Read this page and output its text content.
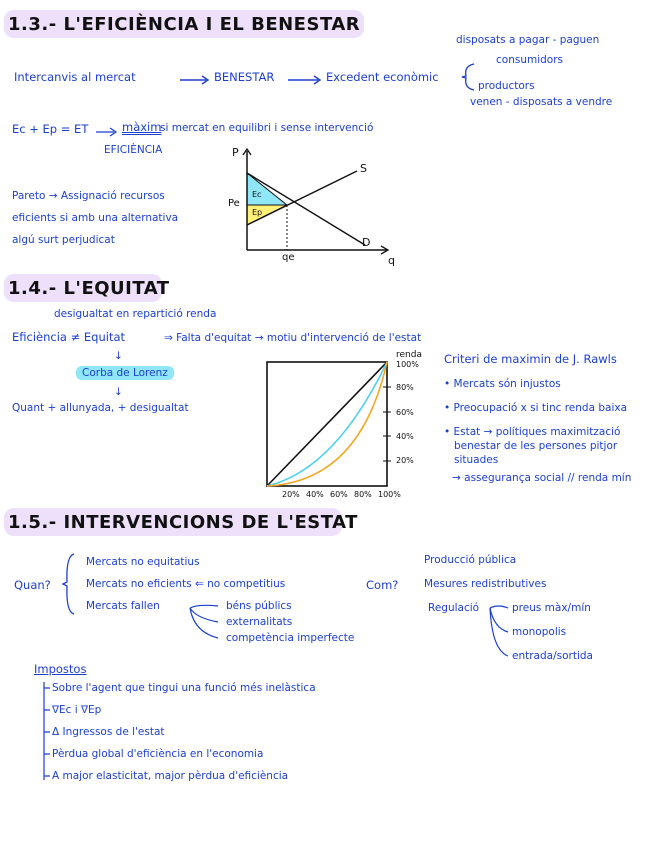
1.3.- L'EFICIÈNCIA I EL BENESTAR
Intercanvis al mercat	BENESTAR	Excedent econòmic
disposats a pagar - paguen
consumidors
productors
venen - disposats a vendre
Ec + Ep = ET	màxim
si mercat en equilibri i sense intervenció
EFICIÈNCIA
Pareto → Assignació recursos
eficients si amb una alternativa
algú surt perjudicat
P
q
S
D
Pe
qe
Ec
Ep
1.4.- L'EQUITAT
desigualtat en repartició renda
Eficiència ≠ Equitat	⇒ Falta d'equitat → motiu d'intervenció de l'estat
↓
Corba de Lorenz
↓
Quant + allunyada, + desigualtat
renda
100%
80%
60%
40%
20%
20% 40% 60% 80% 100%
Criteri de maximin de J. Rawls
• Mercats són injustos
• Preocupació x si tinc renda baixa
• Estat → polítiques maximització
benestar de les persones pitjor
situades
→ assegurança social // renda mín
1.5.- INTERVENCIONS DE L'ESTAT
Quan?
Mercats no equitatius
Mercats no eficients ⇐ no competitius
Mercats fallen	béns públics
externalitats
competència imperfecte
Com?
Producció pública
Mesures redistributives
Regulació	preus màx/mín
monopolis
entrada/sortida
Impostos
Sobre l'agent que tingui una funció més inelàstica
∇Ec i ∇Ep
Δ Ingressos de l'estat
Pèrdua global d'eficiència en l'economia
A major elasticitat, major pèrdua d'eficiència
